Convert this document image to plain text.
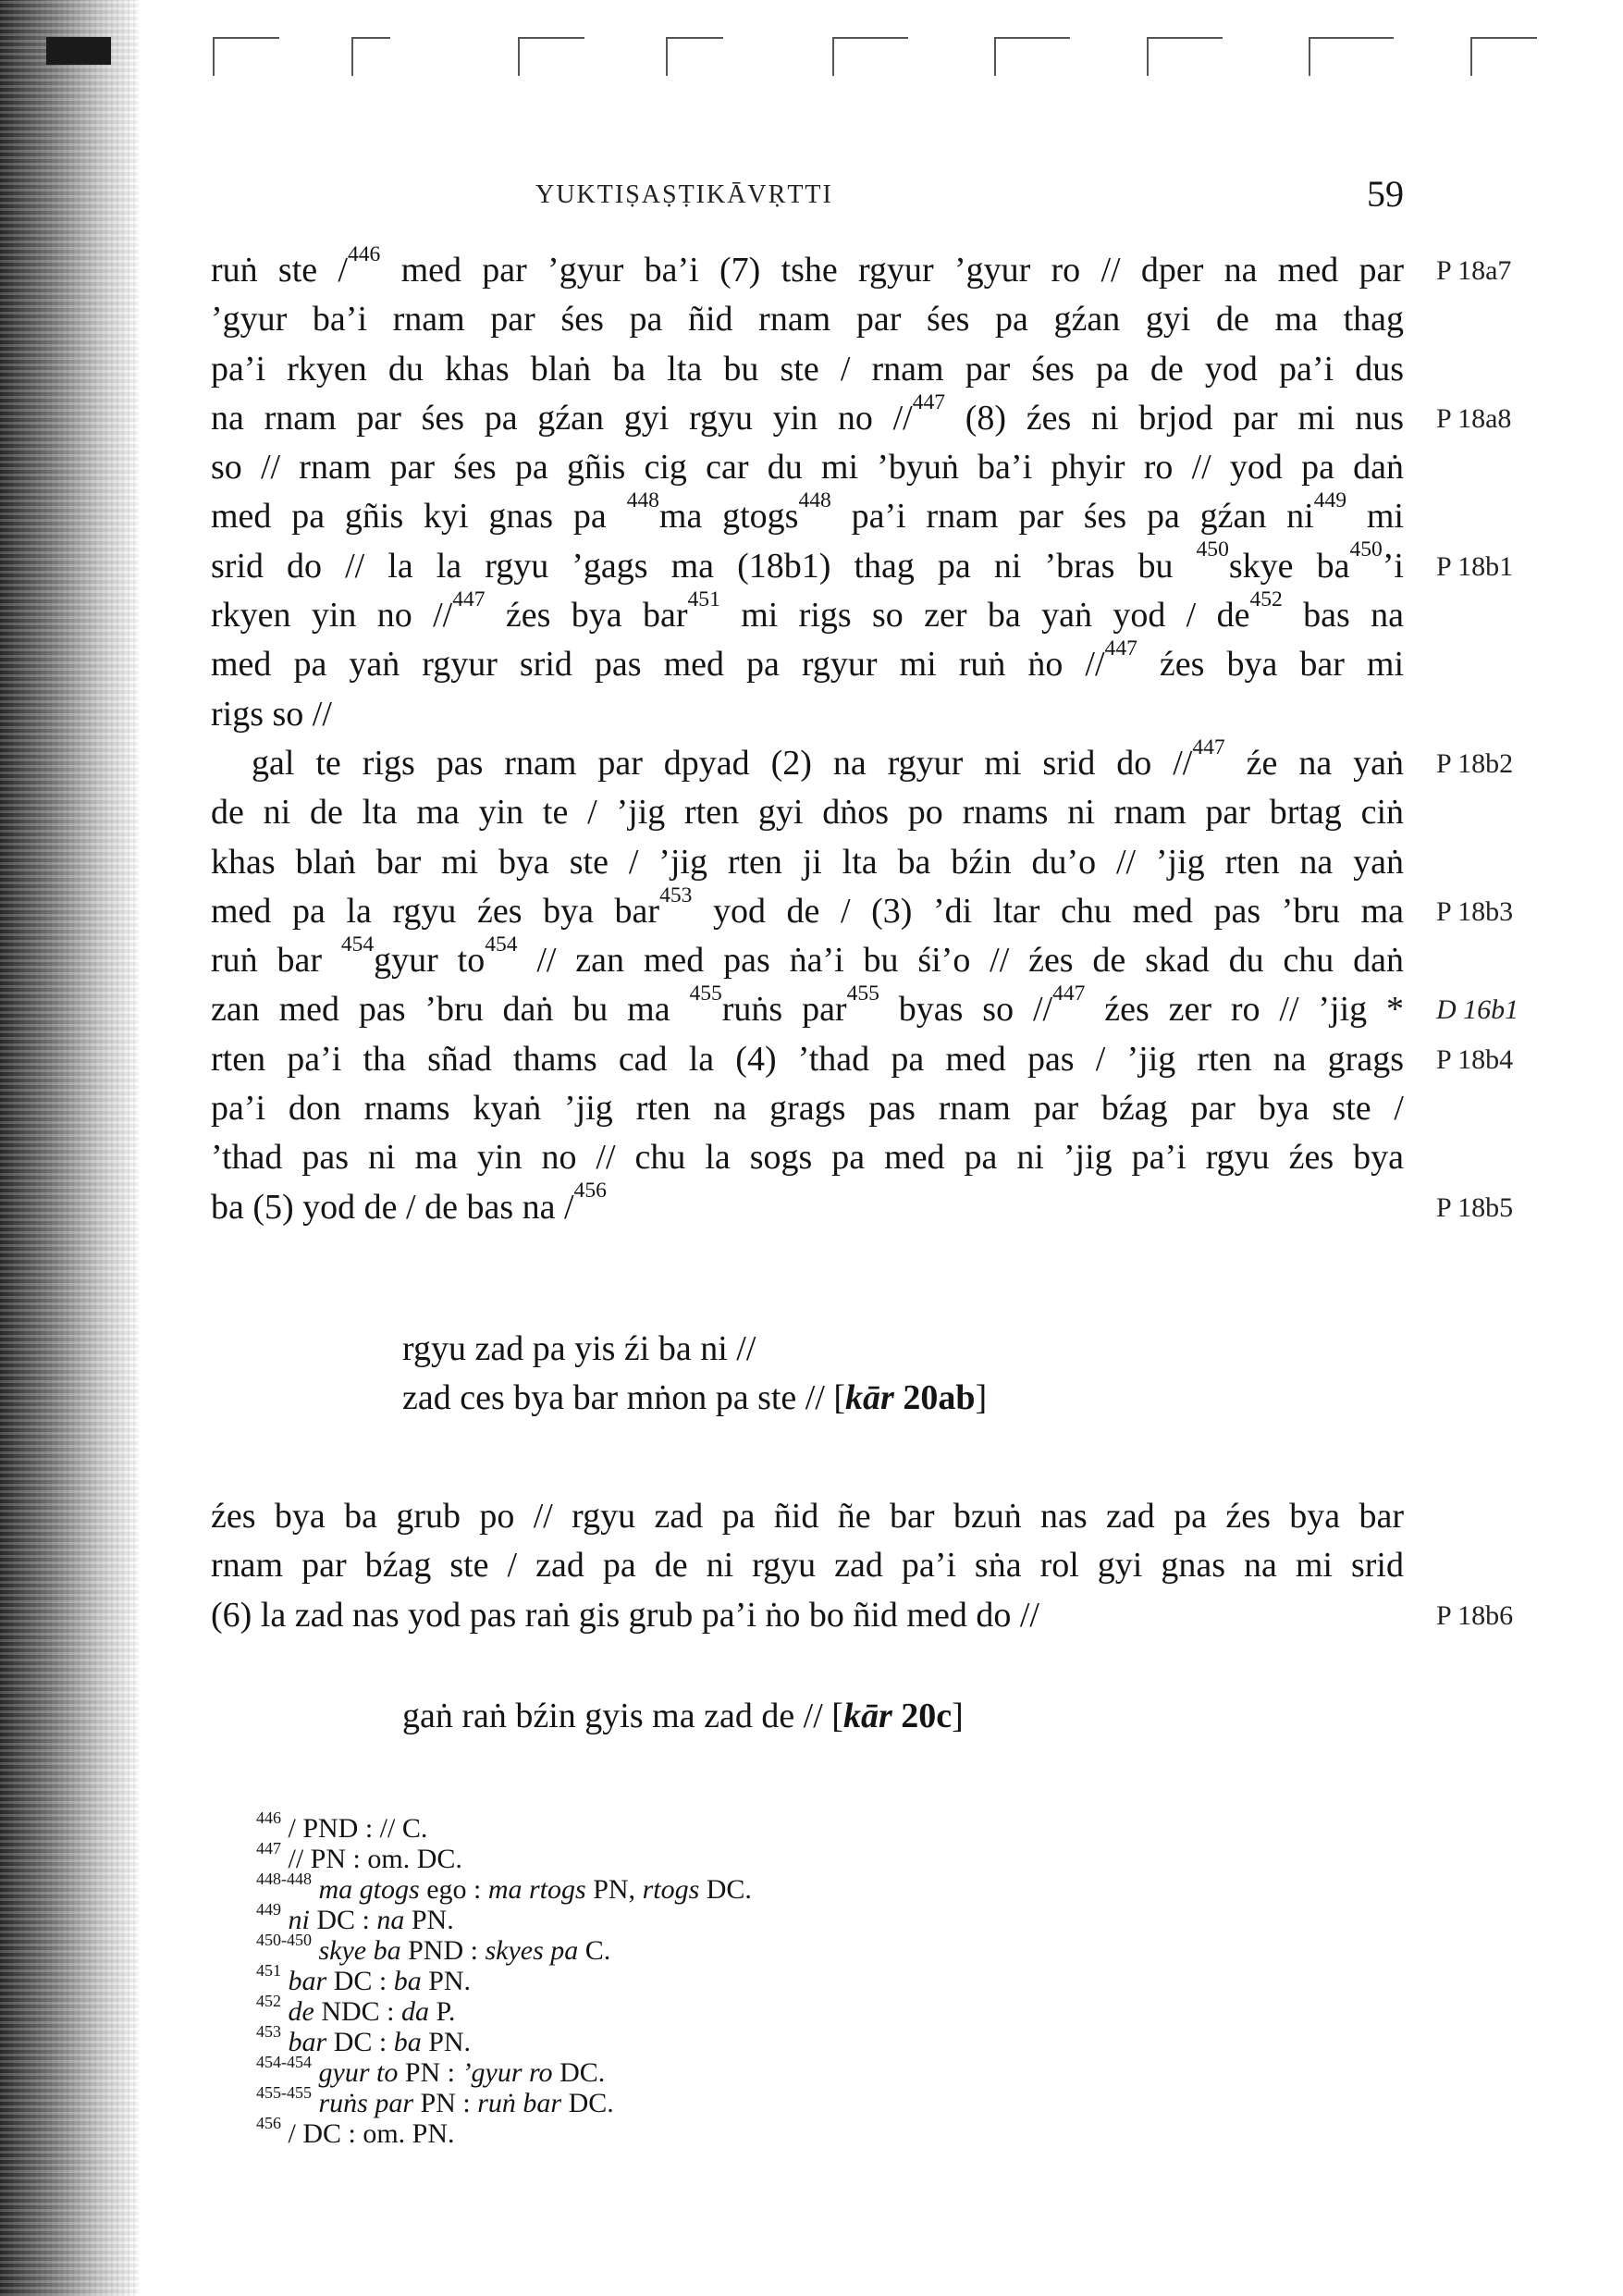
YUKTIṢAṢṬIKĀVṚTTI	59
ruṅ ste /$^{446}$ med par ’gyur ba’i (7) tshe rgyur ’gyur ro // dper na med par P 18a7
’gyur ba’i rnam par śes pa ñid rnam par śes pa gźan gyi de ma thag
pa’i rkyen du khas blaṅ ba lta bu ste / rnam par śes pa de yod pa’i dus
na rnam par śes pa gźan gyi rgyu yin no //$^{447}$ (8) źes ni brjod par mi nus P 18a8
so // rnam par śes pa gñis cig car du mi ’byuṅ ba’i phyir ro // yod pa daṅ
med pa gñis kyi gnas pa $^{448}$ma gtogs$^{448}$ pa’i rnam par śes pa gźan $ni^{449}$ mi
srid do // la la rgyu ’gags ma (18b1) thag pa ni ’bras bu $^{450}$skye $ba^{450}’i$ P 18b1
rkyen yin no //$^{447}$ źes bya bar$^{451}$ mi rigs so zer ba yaṅ yod / $de^{452}$ bas na
med pa yaṅ rgyur srid pas med pa rgyur mi ruṅ ṅo //$^{447}$ źes bya bar mi
rigs so //
gal te rigs pas rnam par dpyad (2) na rgyur mi srid do //$^{447}$ źe na yaṅ P 18b2
de ni de lta ma yin te / ’jig rten gyi dṅos po rnams ni rnam par brtag ciṅ
khas blaṅ bar mi bya ste / ’jig rten ji lta ba bźin du’o // ’jig rten na yaṅ
med pa la rgyu źes bya bar$^{453}$ yod de / (3) ’di ltar chu med pas ’bru ma P 18b3
ruṅ bar $^{454}$gyur $to^{454}$ // zan med pas ṅa’i bu śi’o // źes de skad du chu daṅ
zan med pas ’bru daṅ bu ma $^{455}$ruṅs par$^{455}$ byas so //$^{447}$ źes zer ro // ’jig * D 16b1
rten pa’i tha sñad thams cad la (4) ’thad pa med pas / ’jig rten na grags P 18b4
pa’i don rnams kyaṅ ’jig rten na grags pas rnam par bźag par bya ste /
’thad pas ni ma yin no // chu la sogs pa med pa ni ’jig pa’i rgyu źes bya
ba (5) yod de / de bas na /$^{456}$
P 18b5
rgyu zad pa yis źi ba ni //
zad ces bya bar mṅon pa ste // [kār 20ab]
źes bya ba grub po // rgyu zad pa ñid ñe bar bzuṅ nas zad pa źes bya bar
rnam par bźag ste / zad pa de ni rgyu zad pa’i sṅa rol gyi gnas na mi srid
(6) la zad nas yod pas raṅ gis grub pa’i ṅo bo ñid med do //	P 18b6
gaṅ raṅ bźin gyis ma zad de // [kār 20c]
$^{446}$ / PND : // C.
$^{447}$ // PN : om. DC.
$^{448-448}$ ma gtogs ego : ma rtogs PN, rtogs DC.
$^{449}$ ni DC : na PN.
$^{450-450}$ skye ba PND : skyes pa C.
$^{451}$ bar DC : ba PN.
$^{452}$ de NDC : da P.
$^{453}$ bar DC : ba PN.
$^{454-454}$ gyur to PN : ’gyur ro DC.
$^{455-455}$ ruṅs par PN : ruṅ bar DC.
$^{456}$ / DC : om. PN.
